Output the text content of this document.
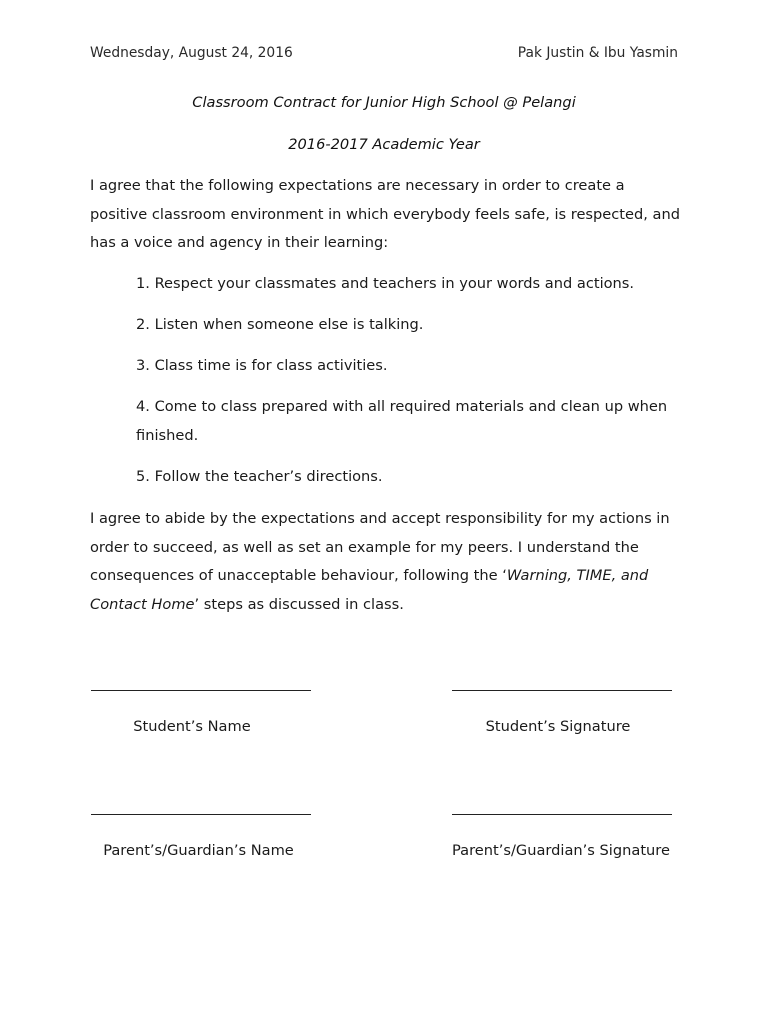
Wednesday, August 24, 2016	Pak Justin & Ibu Yasmin
Classroom Contract for Junior High School @ Pelangi
2016-2017 Academic Year

I agree that the following expectations are necessary in order to create a positive classroom environment in which everybody feels safe, is respected, and has a voice and agency in their learning:

1. Respect your classmates and teachers in your words and actions.
2. Listen when someone else is talking.
3. Class time is for class activities.
4. Come to class prepared with all required materials and clean up when finished.
5. Follow the teacher’s directions.

I agree to abide by the expectations and accept responsibility for my actions in order to succeed, as well as set an example for my peers. I understand the consequences of unacceptable behaviour, following the ‘Warning, TIME, and Contact Home’ steps as discussed in class.

Student’s Name	Student’s Signature
Parent’s/Guardian’s Name	Parent’s/Guardian’s Signature
